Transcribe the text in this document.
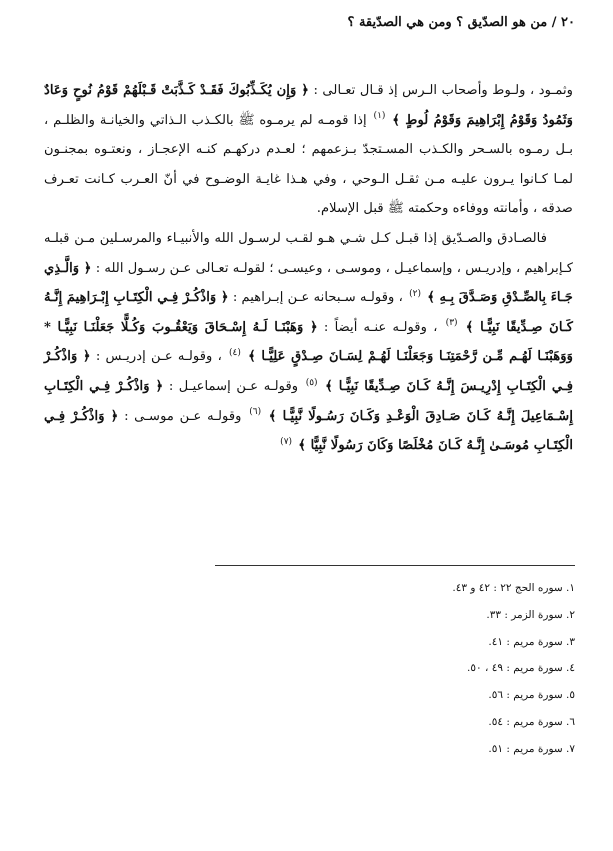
٢٠ / من هو الصدّيق ؟ ومن هي الصدّيقة ؟

وثمـود ، ولـوط وأصحاب الـرس إذ قـال تعـالى : ﴿ وَإِن يُكَـذِّبُوكَ فَقَـدْ كَـذَّبَتْ قَـبْلَهُمْ قَوْمُ نُوحٍ وَعَادٌ وَثَمُودُ وَقَوْمُ إِبْرَاهِيمَ وَقَوْمُ لُوطٍ ﴾ $^{(١)}$ إذا قومـه لم يرمـوه ﷺ بالكـذب الـذاتي والخيانـة والظلـم ، بـل رمـوه بالسـحر والكـذب المسـتجدّ بـزعمهم ؛ لعـدم دركهـم كنـه الإعجـاز ، ونعتـوه بمجنـون لمـا كـانوا يـرون عليـه مـن ثقـل الـوحي ، وفي هـذا غايـة الوضـوح في أنّ العـرب كـانت تعـرف صدقه ، وأمانته ووفاءه وحكمته ﷺ قبل الإسلام.

فالصـادق والصـدّيق إذا قبـل كـل شـي هـو لقـب لرسـول الله والأنبيـاء والمرسـلين مـن قبلـه كـإبراهيم ، وإدريـس ، وإسماعيـل ، وموسـى ، وعيسـى ؛ لقولـه تعـالى عـن رسـول الله : ﴿ وَالَّـذِي جَـاءَ بِالصِّـدْقِ وَصَـدَّقَ بِـهِ ﴾ $^{(٢)}$ ، وقولـه سـبحانه عـن إبـراهيم : ﴿ وَاذْكُـرْ فِـي الْكِتَـابِ إِبْـرَاهِيمَ إِنَّـهُ كَـانَ صِـدِّيقًا نَبِيًّـا ﴾ $^{(٣)}$ ، وقولـه عنـه أيضاً : ﴿ وَهَبْنَـا لَـهُ إِسْـحَاقَ وَيَعْقُـوبَ وَكُـلًّا جَعَلْنَـا نَبِيًّـا * وَوَهَبْنَـا لَهُـم مِّـن رَّحْمَتِنَـا وَجَعَلْنَـا لَهُـمْ لِسَـانَ صِـدْقٍ عَلِيًّـا ﴾ $^{(٤)}$ ، وقولـه عـن إدريـس : ﴿ وَاذْكُـرْ فِـي الْكِتَـابِ إِدْرِيـسَ إِنَّـهُ كَـانَ صِـدِّيقًا نَبِيًّـا ﴾ $^{(٥)}$ وقولـه عـن إسماعيـل : ﴿ وَاذْكُـرْ فِـي الْكِتَـابِ إِسْـمَاعِيلَ إِنَّـهُ كَـانَ صَـادِقَ الْوَعْـدِ وَكَـانَ رَسُـولًا نَّبِيًّـا ﴾ $^{(٦)}$ وقولـه عـن موسـى : ﴿ وَاذْكُـرْ فِـي الْكِتَـابِ مُوسَـىٰ إِنَّـهُ كَـانَ مُخْلَصًا وَكَانَ رَسُولًا نَّبِيًّا ﴾ $^{(٧)}$

١. سوره الحج ٢٢ : ٤٢ و ٤٣.
٢. سورة الزمر : ٣٣.
٣. سورة مريم : ٤١.
٤. سورة مريم : ٤٩ ، ٥٠.
٥. سورة مريم : ٥٦.
٦. سورة مريم : ٥٤.
٧. سورة مريم : ٥١.
